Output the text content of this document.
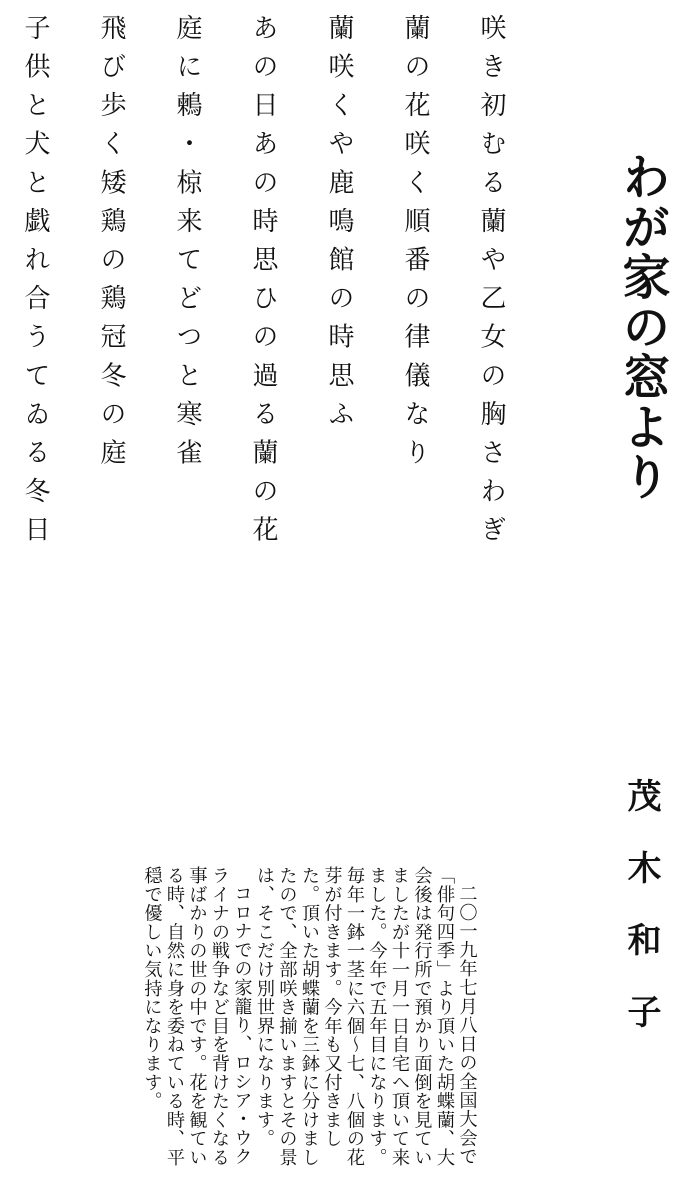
わが家の窓より
茂木和子
咲き初むる蘭や乙女の胸さわぎ
蘭の花咲く順番の律儀なり
蘭咲くや鹿鳴館の時思ふ
あの日あの時思ひの過る蘭の花
庭に鶫・椋来てどつと寒雀
飛び歩く矮鶏の鶏冠冬の庭
子供と犬と戯れ合うてゐる冬日

二〇一九年七月八日の全国大会で「俳句四季」より頂いた胡蝶蘭、大会後は発行所で預かり面倒を見ていましたが十一月一日自宅へ頂いて来ました。今年で五年目になります。毎年一鉢一茎に六個～七、八個の花芽が付きます。今年も又付きました。頂いた胡蝶蘭を三鉢に分けましたので、全部咲き揃いますとその景は、そこだけ別世界になります。

コロナでの家籠り、ロシア・ウクライナの戦争など目を背けたくなる事ばかりの世の中です。花を観ている時、自然に身を委ねている時、平穏で優しい気持になります。
